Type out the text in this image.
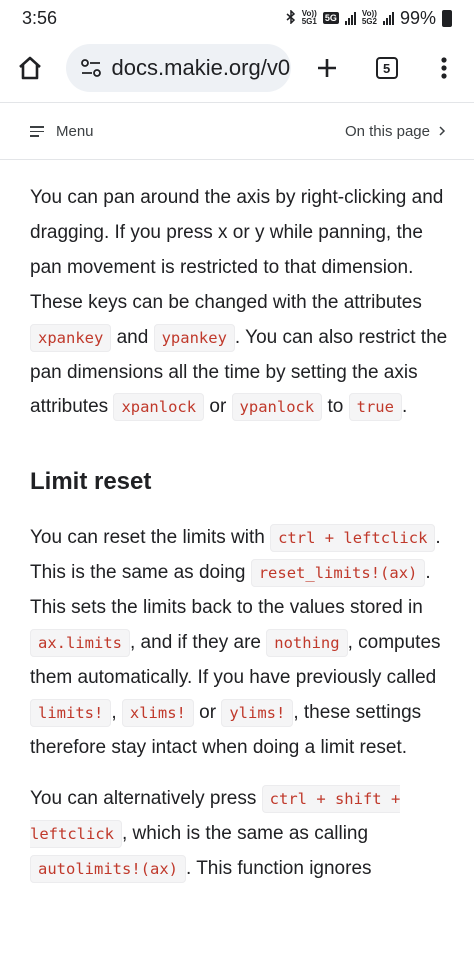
3:56	Vo))
5G1 5G	Vo))
5G2 99%
docs.makie.org/v0	5
Menu	On this page

You can pan around the axis by right-clicking and dragging. If you press x or y while panning, the pan movement is restricted to that dimension. These keys can be changed with the attributes xpankey and ypankey . You can also restrict the pan dimensions all the time by setting the axis attributes xpanlock or ypanlock to true .

Limit reset

You can reset the limits with ctrl + leftclick . This is the same as doing reset_limits!(ax) . This sets the limits back to the values stored in ax.limits , and if they are nothing , computes them automatically. If you have previously called limits! , xlims! or ylims! , these settings therefore stay intact when doing a limit reset.

You can alternatively press ctrl + shift + leftclick , which is the same as calling autolimits!(ax) . This function ignores
